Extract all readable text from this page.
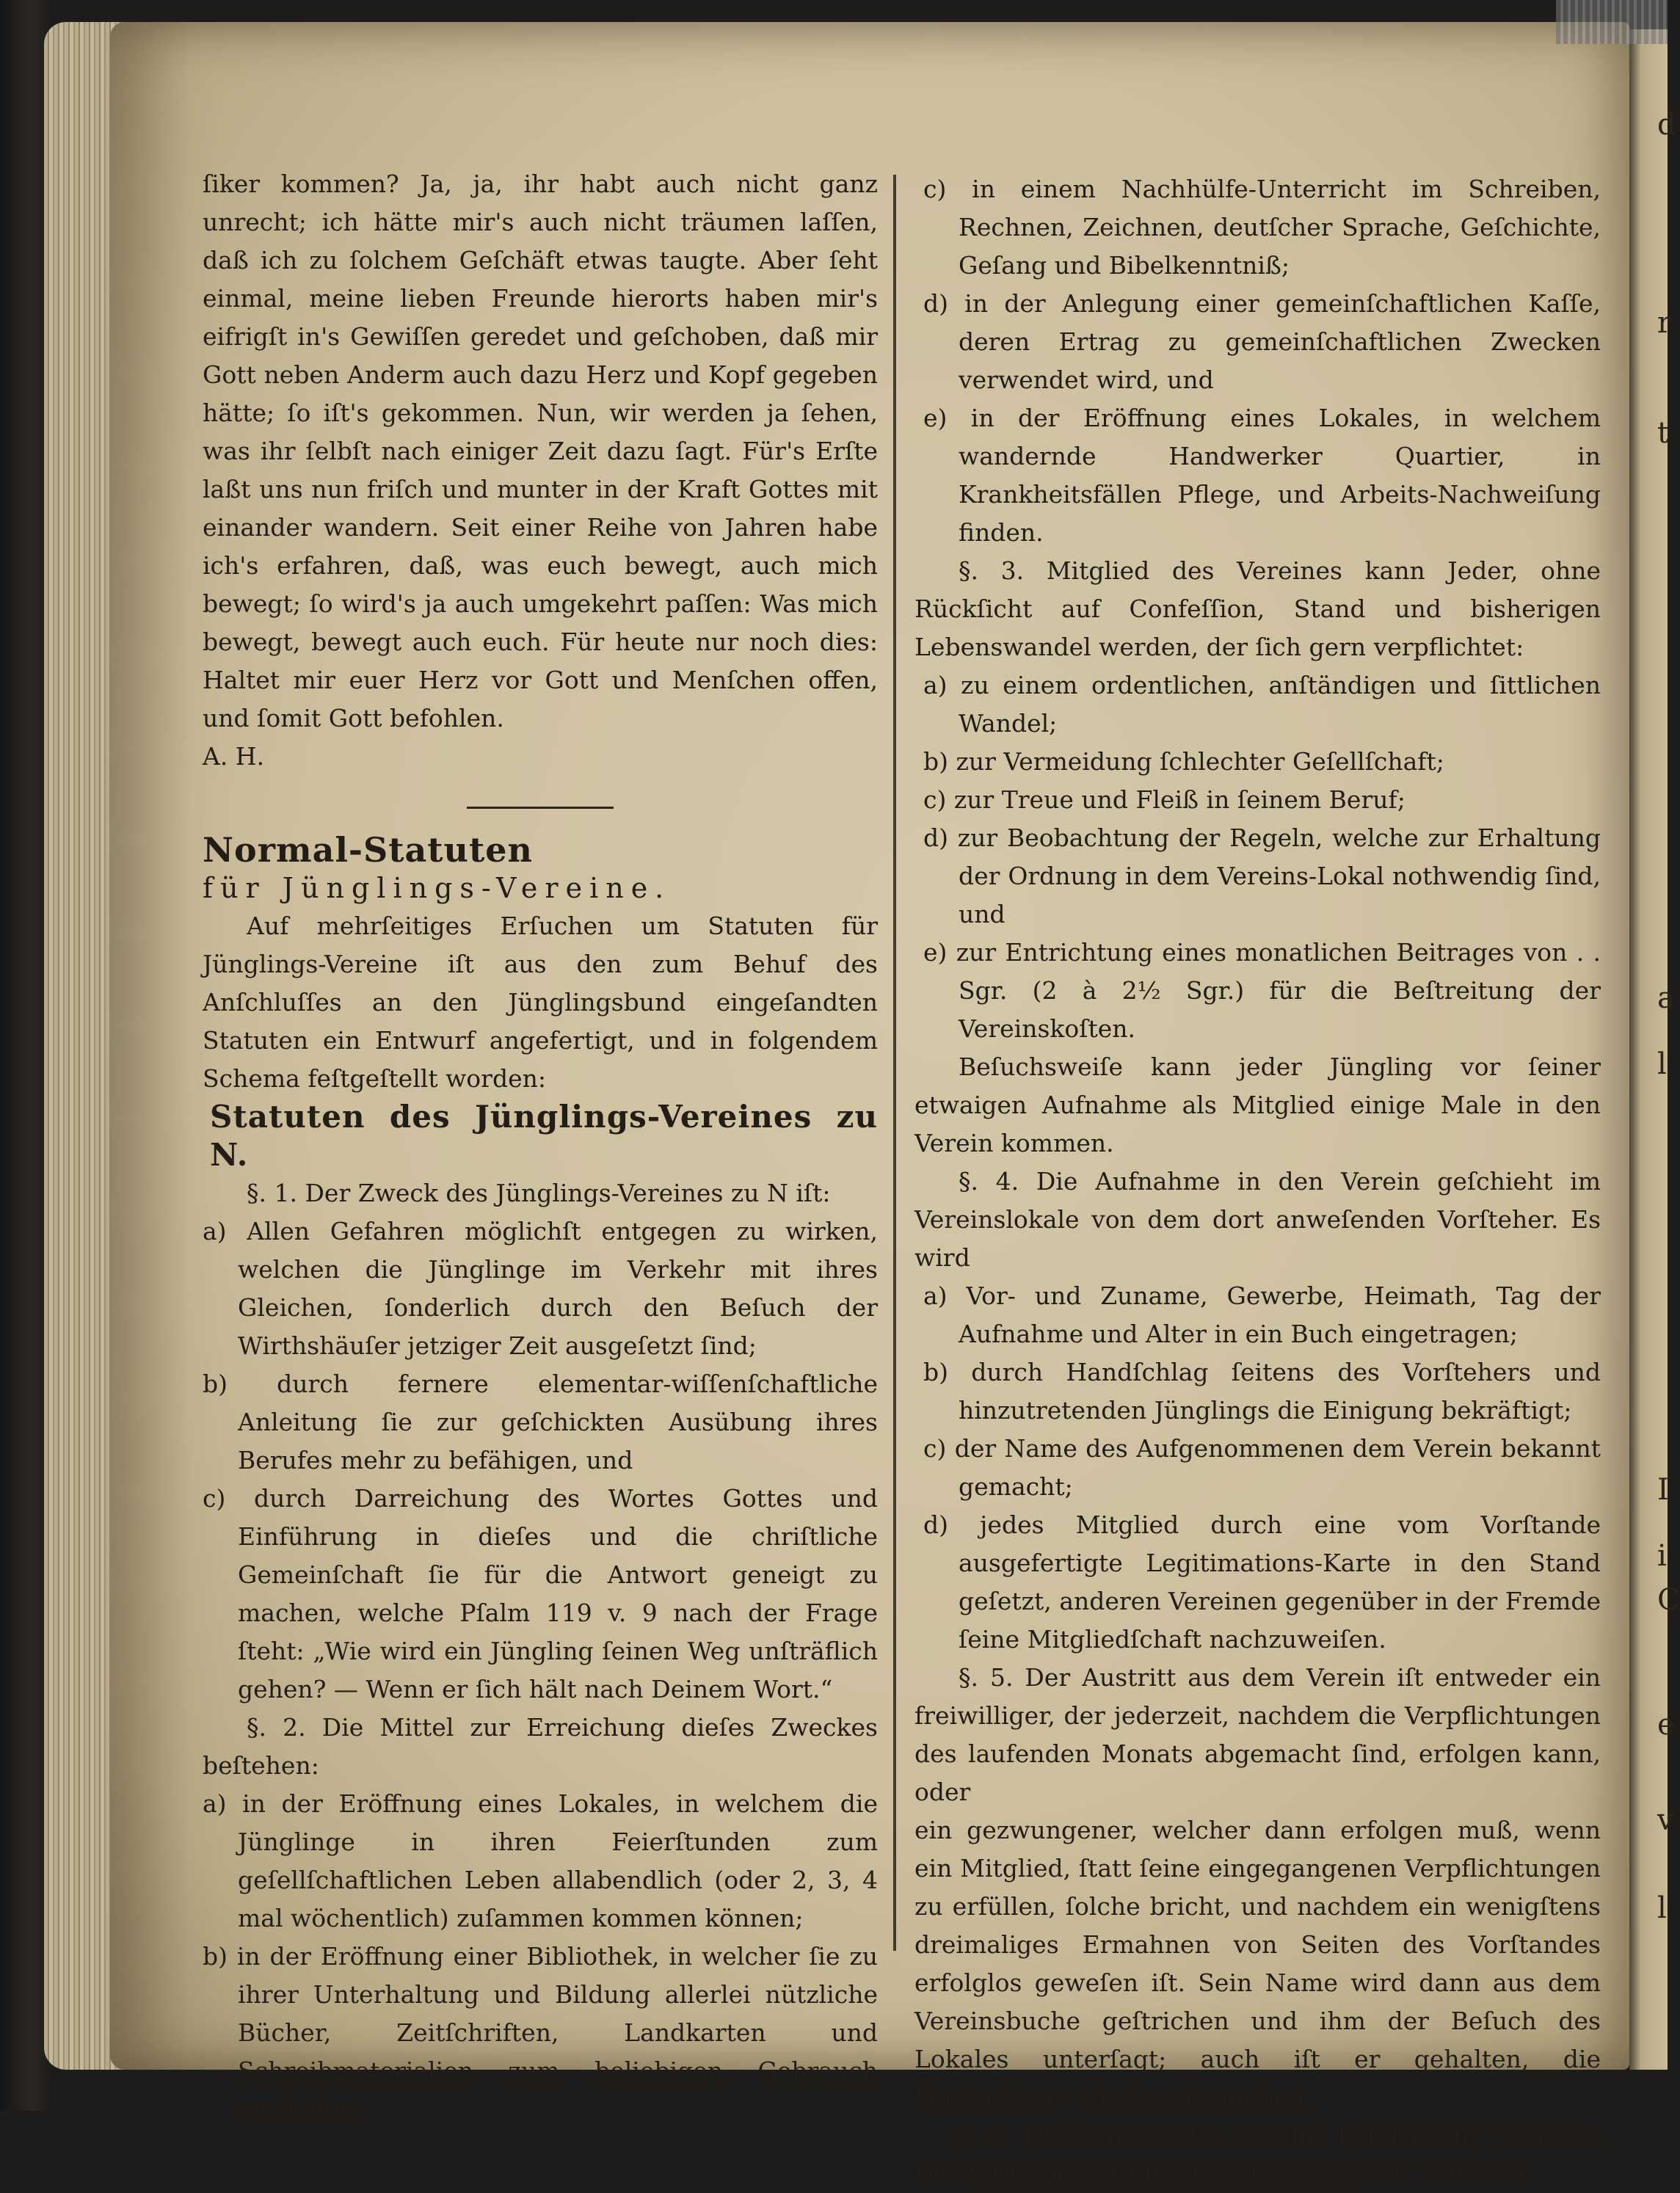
d
r
t
a
l
I
i
C
e
v
l

ſiker kommen? Ja, ja, ihr habt auch nicht ganz unrecht; ich hätte mir's auch nicht träumen laſſen, daß ich zu ſolchem Geſchäft etwas taugte. Aber ſeht einmal, meine lieben Freunde hierorts haben mir's eifrigſt in's Gewiſſen geredet und geſchoben, daß mir Gott neben Anderm auch dazu Herz und Kopf gegeben hätte; ſo iſt's gekommen. Nun, wir werden ja ſehen, was ihr ſelbſt nach einiger Zeit dazu ſagt. Für's Erſte laßt uns nun friſch und munter in der Kraft Gottes mit einander wandern. Seit einer Reihe von Jahren habe ich's erfahren, daß, was euch bewegt, auch mich bewegt; ſo wird's ja auch umgekehrt paſſen: Was mich bewegt, bewegt auch euch. Für heute nur noch dies: Haltet mir euer Herz vor Gott und Menſchen offen, und ſomit Gott befohlen.

A. H.

Normal-Statuten

für Jünglings-Vereine.

Auf mehrſeitiges Erſuchen um Statuten für Jünglings-Vereine iſt aus den zum Behuf des Anſchluſſes an den Jünglingsbund eingeſandten Statuten ein Entwurf angefertigt, und in folgendem Schema feſtgeſtellt worden:

Statuten des Jünglings-Vereines zu N.

§. 1. Der Zweck des Jünglings-Vereines zu N iſt:

a) Allen Gefahren möglichſt entgegen zu wirken, welchen die Jünglinge im Verkehr mit ihres Gleichen, ſonderlich durch den Beſuch der Wirthshäuſer jetziger Zeit ausgeſetzt ſind;

b) durch fernere elementar-wiſſenſchaftliche Anleitung ſie zur geſchickten Ausübung ihres Berufes mehr zu befähigen, und

c) durch Darreichung des Wortes Gottes und Einführung in dieſes und die chriſtliche Gemeinſchaft ſie für die Antwort geneigt zu machen, welche Pſalm 119 v. 9 nach der Frage ſteht: „Wie wird ein Jüngling ſeinen Weg unſträflich gehen? — Wenn er ſich hält nach Deinem Wort.“

§. 2. Die Mittel zur Erreichung dieſes Zweckes beſtehen:

a) in der Eröffnung eines Lokales, in welchem die Jünglinge in ihren Feierſtunden zum geſellſchaftlichen Leben allabendlich (oder 2, 3, 4 mal wöchentlich) zuſammen kommen können;

b) in der Eröffnung einer Bibliothek, in welcher ſie zu ihrer Unterhaltung und Bildung allerlei nützliche Bücher, Zeitſchriften, Landkarten und Schreibmaterialien zum beliebigen Gebrauch vorfinden;

c) in einem Nachhülfe-Unterricht im Schreiben, Rechnen, Zeichnen, deutſcher Sprache, Geſchichte, Geſang und Bibelkenntniß;

d) in der Anlegung einer gemeinſchaftlichen Kaſſe, deren Ertrag zu gemeinſchaftlichen Zwecken verwendet wird, und

e) in der Eröffnung eines Lokales, in welchem wandernde Handwerker Quartier, in Krankheitsfällen Pflege, und Arbeits-Nachweiſung finden.

§. 3. Mitglied des Vereines kann Jeder, ohne Rückſicht auf Confeſſion, Stand und bisherigen Lebenswandel werden, der ſich gern verpflichtet:

a) zu einem ordentlichen, anſtändigen und ſittlichen Wandel;

b) zur Vermeidung ſchlechter Geſellſchaft;

c) zur Treue und Fleiß in ſeinem Beruf;

d) zur Beobachtung der Regeln, welche zur Erhaltung der Ordnung in dem Vereins-Lokal nothwendig ſind, und

e) zur Entrichtung eines monatlichen Beitrages von . . Sgr. (2 à 2½ Sgr.) für die Beſtreitung der Vereinskoſten.

Beſuchsweiſe kann jeder Jüngling vor ſeiner etwaigen Aufnahme als Mitglied einige Male in den Verein kommen.

§. 4. Die Aufnahme in den Verein geſchieht im Vereinslokale von dem dort anweſenden Vorſteher. Es wird

a) Vor- und Zuname, Gewerbe, Heimath, Tag der Aufnahme und Alter in ein Buch eingetragen;

b) durch Handſchlag ſeitens des Vorſtehers und hinzutretenden Jünglings die Einigung bekräftigt;

c) der Name des Aufgenommenen dem Verein bekannt gemacht;

d) jedes Mitglied durch eine vom Vorſtande ausgefertigte Legitimations-Karte in den Stand geſetzt, anderen Vereinen gegenüber in der Fremde ſeine Mitgliedſchaft nachzuweiſen.

§. 5. Der Austritt aus dem Verein iſt entweder ein freiwilliger, der jederzeit, nachdem die Verpflichtungen des laufenden Monats abgemacht ſind, erfolgen kann, oder

ein gezwungener, welcher dann erfolgen muß, wenn ein Mitglied, ſtatt ſeine eingegangenen Verpflichtungen zu erfüllen, ſolche bricht, und nachdem ein wenigſtens dreimaliges Ermahnen von Seiten des Vorſtandes erfolglos geweſen iſt. Sein Name wird dann aus dem Vereinsbuche geſtrichen und ihm der Beſuch des Lokales unterſagt; auch iſt er gehalten, die Vereinskarte wieder abzugeben.

§. 6. Die Leitung des Vereins beſorgt ein Vorſtand. Der Vorſtand beſteht aus 6 Gliedern und wird von
